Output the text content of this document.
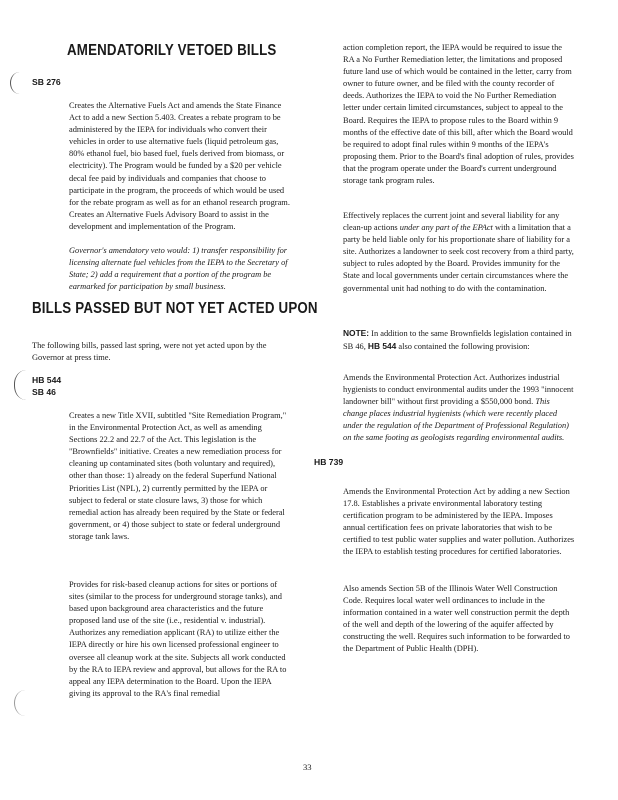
AMENDATORILY VETOED BILLS
SB 276
Creates the Alternative Fuels Act and amends the State Finance Act to add a new Section 5.403. Creates a rebate program to be administered by the IEPA for individuals who convert their vehicles in order to use alternative fuels (liquid petroleum gas, 80% ethanol fuel, bio based fuel, fuels derived from biomass, or electricity). The Program would be funded by a $20 per vehicle decal fee paid by individuals and companies that choose to participate in the program, the proceeds of which would be used for the rebate program as well as for an ethanol research program. Creates an Alternative Fuels Advisory Board to assist in the development and implementation of the Program.
Governor's amendatory veto would: 1) transfer responsibility for licensing alternate fuel vehicles from the IEPA to the Secretary of State; 2) add a requirement that a portion of the program be earmarked for participation by small business.
BILLS PASSED BUT NOT YET ACTED UPON
The following bills, passed last spring, were not yet acted upon by the Governor at press time.
HB 544
SB 46
Creates a new Title XVII, subtitled "Site Remediation Program," in the Environmental Protection Act, as well as amending Sections 22.2 and 22.7 of the Act. This legislation is the "Brownfields" initiative. Creates a new remediation process for cleaning up contaminated sites (both voluntary and required), other than those: 1) already on the federal Superfund National Priorities List (NPL), 2) currently permitted by the IEPA or subject to federal or state closure laws, 3) those for which remedial action has already been required by the State or federal government, or 4) those subject to state or federal underground storage tank laws.
Provides for risk-based cleanup actions for sites or portions of sites (similar to the process for underground storage tanks), and based upon background area characteristics and the future proposed land use of the site (i.e., residential v. industrial). Authorizes any remediation applicant (RA) to utilize either the IEPA directly or hire his own licensed professional engineer to oversee all cleanup work at the site. Subjects all work conducted by the RA to IEPA review and approval, but allows for the RA to appeal any IEPA determination to the Board. Upon the IEPA giving its approval to the RA's final remedial
action completion report, the IEPA would be required to issue the RA a No Further Remediation letter, the limitations and proposed future land use of which would be contained in the letter, carry from owner to future owner, and be filed with the county recorder of deeds. Authorizes the IEPA to void the No Further Remediation letter under certain limited circumstances, subject to appeal to the Board. Requires the IEPA to propose rules to the Board within 9 months of the effective date of this bill, after which the Board would be required to adopt final rules within 9 months of the IEPA's proposing them. Prior to the Board's final adoption of rules, provides that the program operate under the Board's current underground storage tank program rules.
Effectively replaces the current joint and several liability for any clean-up actions under any part of the EPAct with a limitation that a party be held liable only for his proportionate share of liability for a site. Authorizes a landowner to seek cost recovery from a third party, subject to rules adopted by the Board. Provides immunity for the State and local governments under certain circumstances where the governmental unit had nothing to do with the contamination.
NOTE: In addition to the same Brownfields legislation contained in SB 46, HB 544 also contained the following provision:
Amends the Environmental Protection Act. Authorizes industrial hygienists to conduct environmental audits under the 1993 "innocent landowner bill" without first providing a $550,000 bond. This change places industrial hygienists (which were recently placed under the regulation of the Department of Professional Regulation) on the same footing as geologists regarding environmental audits.
HB 739
Amends the Environmental Protection Act by adding a new Section 17.8. Establishes a private environmental laboratory testing certification program to be administered by the IEPA. Imposes annual certification fees on private laboratories that wish to be certified to test public water supplies and water pollution. Authorizes the IEPA to establish testing procedures for certified laboratories.
Also amends Section 5B of the Illinois Water Well Construction Code. Requires local water well ordinances to include in the information contained in a water well construction permit the depth of the well and depth of the lowering of the aquifer affected by constructing the well. Requires such information to be forwarded to the Department of Public Health (DPH).
33
